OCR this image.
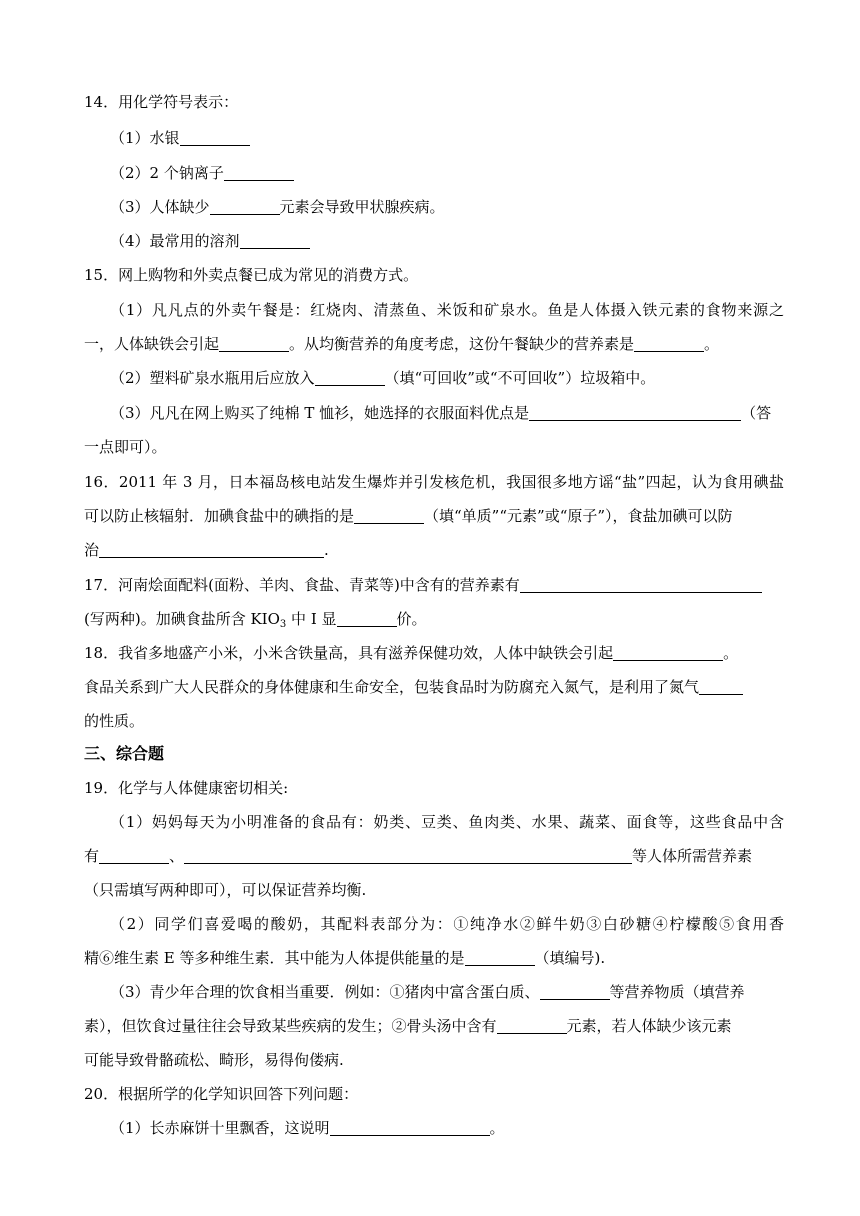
14．用化学符号表示：
（1）水银
（2）2 个钠离子
（3）人体缺少	元素会导致甲状腺疾病。
（4）最常用的溶剂
15．网上购物和外卖点餐已成为常见的消费方式。
（1）凡凡点的外卖午餐是：红烧肉、清蒸鱼、米饭和矿泉水。鱼是人体摄入铁元素的食物来源之
一，人体缺铁会引起	。从均衡营养的角度考虑，这份午餐缺少的营养素是	。
（2）塑料矿泉水瓶用后应放入	（填“可回收”或“不可回收”）垃圾箱中。
（3）凡凡在网上购买了纯棉 T 恤衫，她选择的衣服面料优点是	（答
一点即可）。
16．2011 年 3 月，日本福岛核电站发生爆炸并引发核危机，我国很多地方谣“盐”四起，认为食用碘盐
可以防止核辐射．加碘食盐中的碘指的是	（填“单质”“元素”或“原子”），食盐加碘可以防
治	.
17．河南烩面配料(面粉、羊肉、食盐、青菜等)中含有的营养素有
(写两种)。加碘食盐所含 $KIO_3$ 中 I 显	价。
18．我省多地盛产小米，小米含铁量高，具有滋养保健功效，人体中缺铁会引起	。
食品关系到广大人民群众的身体健康和生命安全，包装食品时为防腐充入氮气，是利用了氮气
的性质。
三、综合题
19．化学与人体健康密切相关:
（1）妈妈每天为小明准备的食品有：奶类、豆类、鱼肉类、水果、蔬菜、面食等，这些食品中含
有	、	等人体所需营养素
（只需填写两种即可），可以保证营养均衡.
（2）同学们喜爱喝的酸奶，其配料表部分为：①纯净水②鲜牛奶③白砂糖④柠檬酸⑤食用香
精⑥维生素 E 等多种维生素．其中能为人体提供能量的是	（填编号).
（3）青少年合理的饮食相当重要．例如：①猪肉中富含蛋白质、	等营养物质（填营养
素），但饮食过量往往会导致某些疾病的发生；②骨头汤中含有	元素，若人体缺少该元素
可能导致骨骼疏松、畸形，易得佝偻病.
20．根据所学的化学知识回答下列问题：
（1）长赤麻饼十里飘香，这说明	。
